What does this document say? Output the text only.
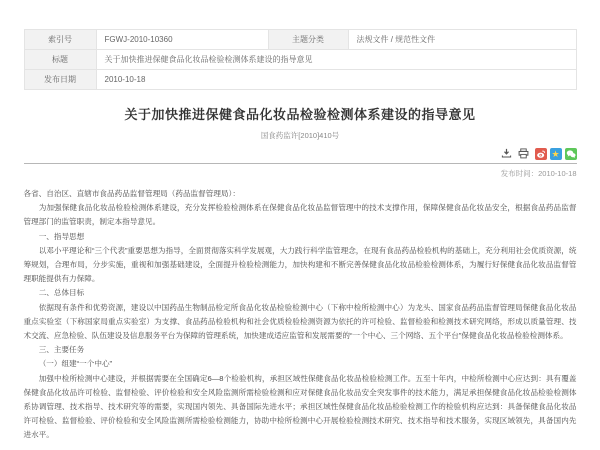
索引号	FGWJ-2010-10360	主题分类	法规文件 / 规范性文件
标题	关于加快推进保健食品化妆品检验检测体系建设的指导意见		
发布日期	2010-10-18		
关于加快推进保健食品化妆品检验检测体系建设的指导意见
国食药监许[2010]410号
★
发布时间：2010-10-18

各省、自治区、直辖市食品药品监督管理局（药品监督管理局）：

为加强保健食品化妆品检验检测体系建设，充分发挥检验检测体系在保健食品化妆品监督管理中的技术支撑作用，保障保健食品化妆品安全，根据食品药品监督管理部门的监管职责，制定本指导意见。

一、指导思想

以邓小平理论和“三个代表”重要思想为指导，全面贯彻落实科学发展观，大力践行科学监管理念，在现有食品药品检验机构的基础上，充分利用社会优质资源，统筹规划，合理布局，分步实施，重视和加强基础建设，全面提升检验检测能力，加快构建和不断完善保健食品化妆品检验检测体系，为履行好保健食品化妆品监督管理职能提供有力保障。

二、总体目标

依据现有条件和优势资源，建设以中国药品生物制品检定所食品化妆品检验检测中心（下称中检所检测中心）为龙头、国家食品药品监督管理局保健食品化妆品重点实验室（下称国家局重点实验室）为支撑、食品药品检验机构和社会优质检验检测资源为依托的许可检验、监督检验和检测技术研究网络，形成以质量管理、技术交流、应急检验、队伍建设及信息服务平台为保障的管理系统，加快建成适应监管和发展需要的“一个中心、三个网络、五个平台”保健食品化妆品检验检测体系。

三、主要任务

（一）组建“一个中心”

加强中检所检测中心建设，并根据需要在全国确定6—8个检验机构，承担区域性保健食品化妆品检验检测工作。五至十年内，中检所检测中心应达到：具有覆盖保健食品化妆品许可检验、监督检验、评价检验和安全风险监测所需检验检测和应对保健食品化妆品安全突发事件的技术能力，满足承担保健食品化妆品检验检测体系协调管理、技术指导、技术研究等的需要，实现国内领先、具备国际先进水平；承担区域性保健食品化妆品检验检测工作的检验机构应达到：具备保健食品化妆品许可检验、监督检验、评价检验和安全风险监测所需检验检测能力，协助中检所检测中心开展检验检测技术研究、技术指导和技术服务，实现区域领先，具备国内先进水平。
